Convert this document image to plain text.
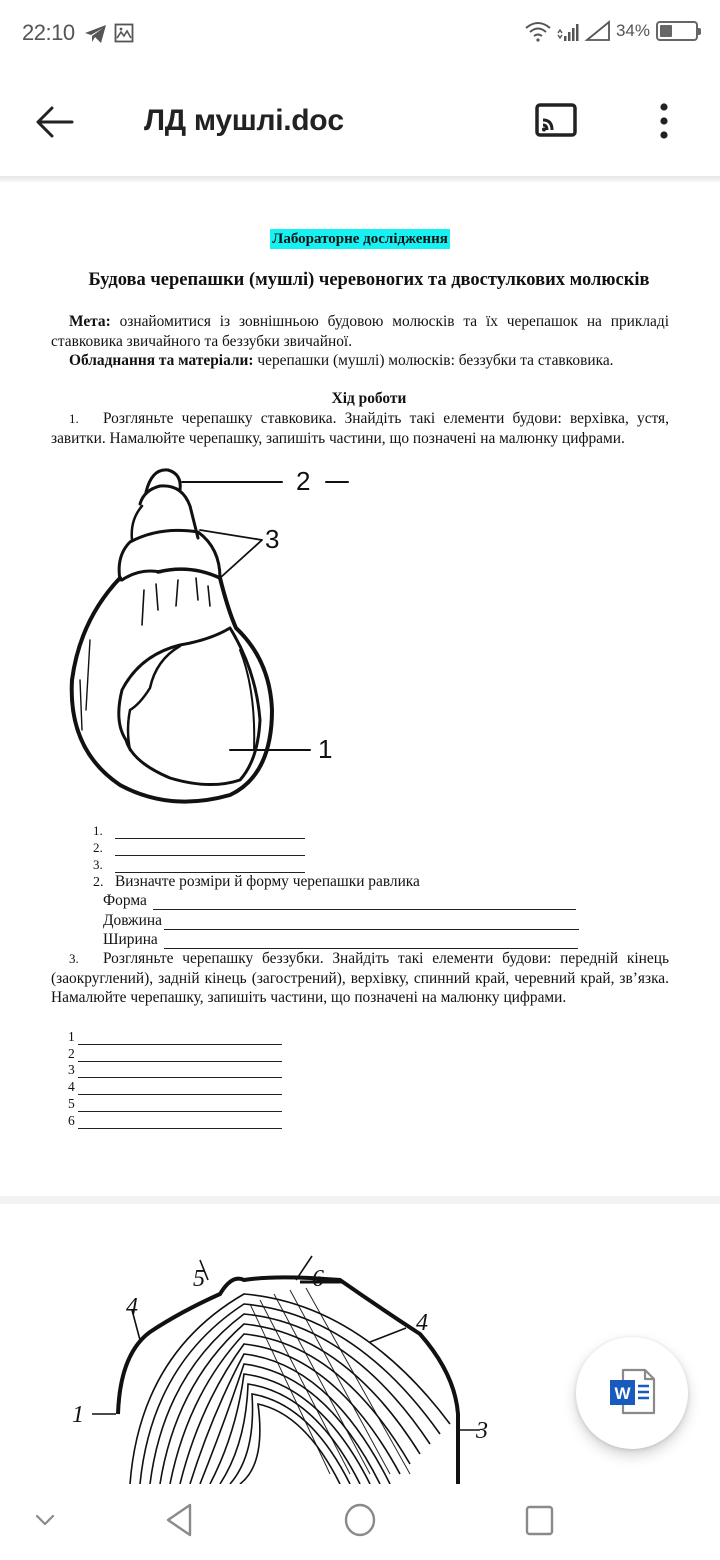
22:10	34%
ЛД мушлі.doc
Лабораторне дослідження
Будова черепашки (мушлі) черевоногих та двостулкових молюсків
Мета: ознайомитися із зовнішньою будовою молюсків та їх черепашок на прикладі ставковика звичайного та беззубки звичайної.
Обладнання та матеріали: черепашки (мушлі) молюсків: беззубки та ставковика.
Хід роботи
1. Розгляньте черепашку ставковика. Знайдіть такі елементи будови: верхівка, устя, завитки. Намалюйте черепашку, запишіть частини, що позначені на малюнку цифрами.
2
3
1
1.
2.
3.
2. Визначте розміри й форму черепашки равлика
Форма
Довжина
Ширина
3. Розгляньте черепашку беззубки. Знайдіть такі елементи будови: передній кінець (заокруглений), задній кінець (загострений), верхівку, спинний край, черевний край, зв’язка. Намалюйте черепашку, запишіть частини, що позначені на малюнку цифрами.
1
2
3
4
5
6
5	6
4
4
1
3
W
